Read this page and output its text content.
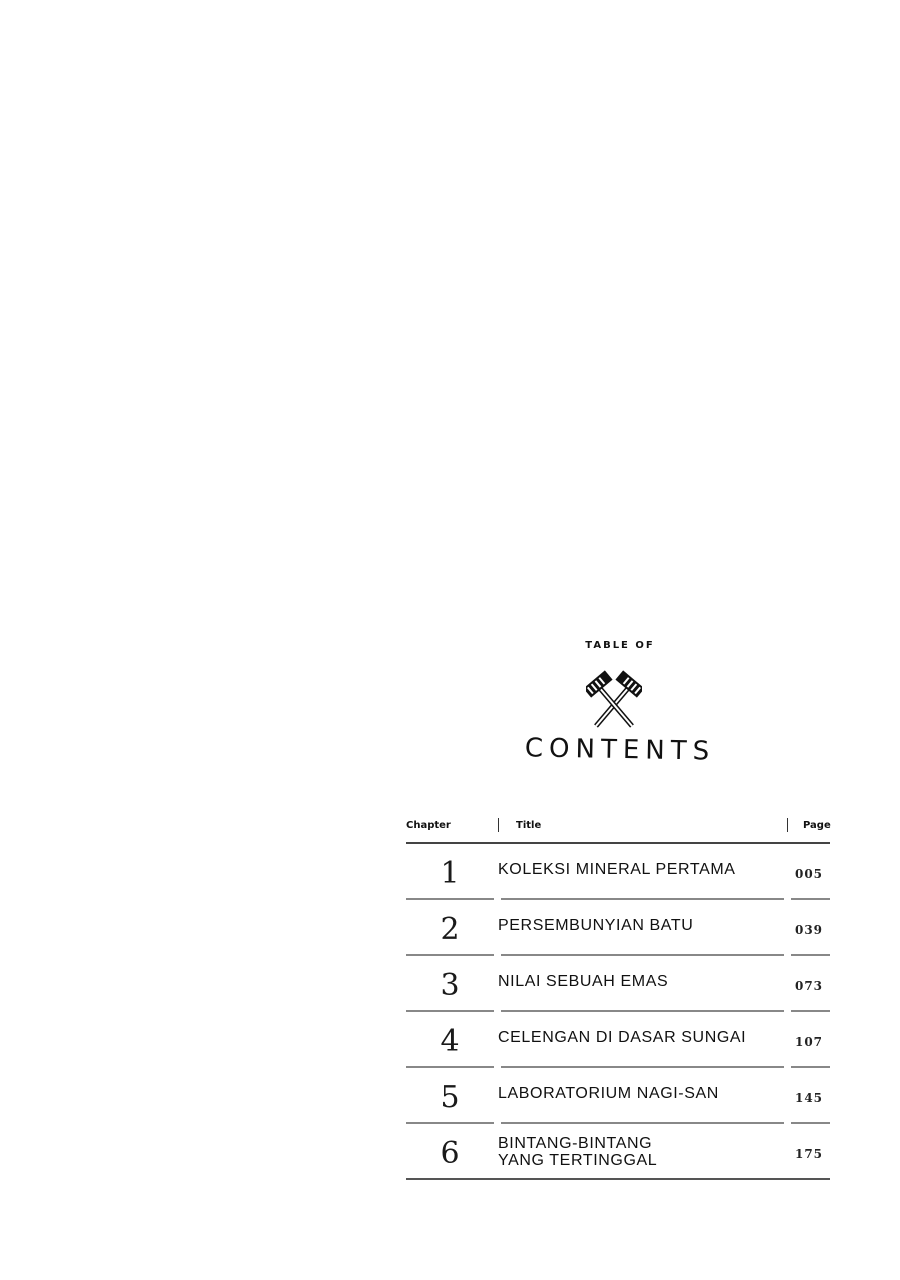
TABLE OF
CONTENTS
Chapter	Title	Page
1	KOLEKSI MINERAL PERTAMA	005
2	PERSEMBUNYIAN BATU	039
3	NILAI SEBUAH EMAS	073
4	CELENGAN DI DASAR SUNGAI	107
5	LABORATORIUM NAGI-SAN	145
6	BINTANG-BINTANG
YANG TERTINGGAL	175
